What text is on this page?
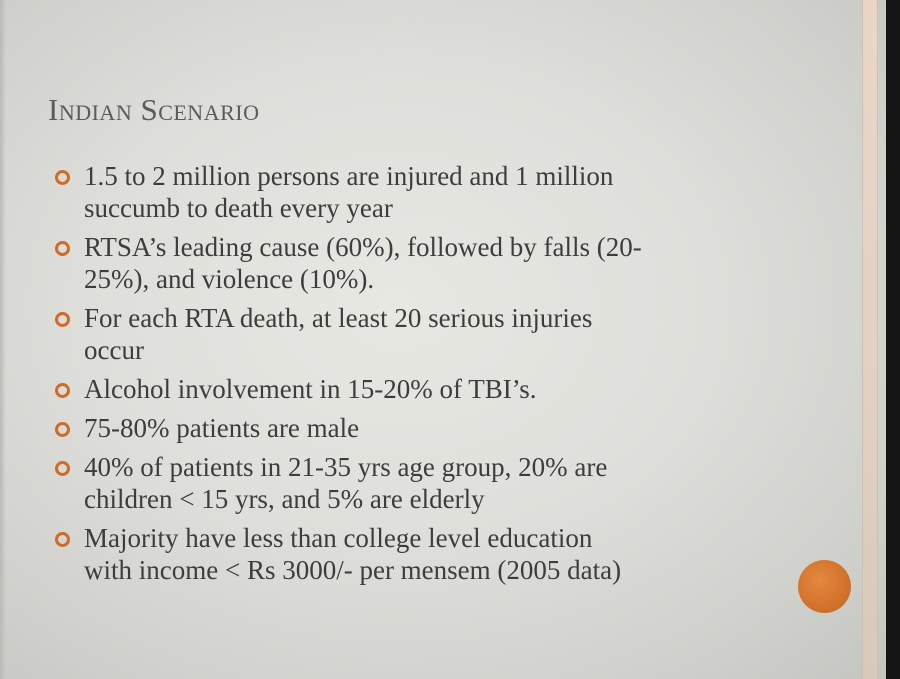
Indian Scenario
1.5 to 2 million persons are injured and 1 million
succumb to death every year
RTSA’s leading cause (60%), followed by falls (20-
25%), and violence (10%).
For each RTA death, at least 20 serious injuries
occur
Alcohol involvement in 15-20% of TBI’s.
75-80% patients are male
40% of patients in 21-35 yrs age group, 20% are
children < 15 yrs, and 5% are elderly
Majority have less than college level education
with income < Rs 3000/- per mensem (2005 data)
